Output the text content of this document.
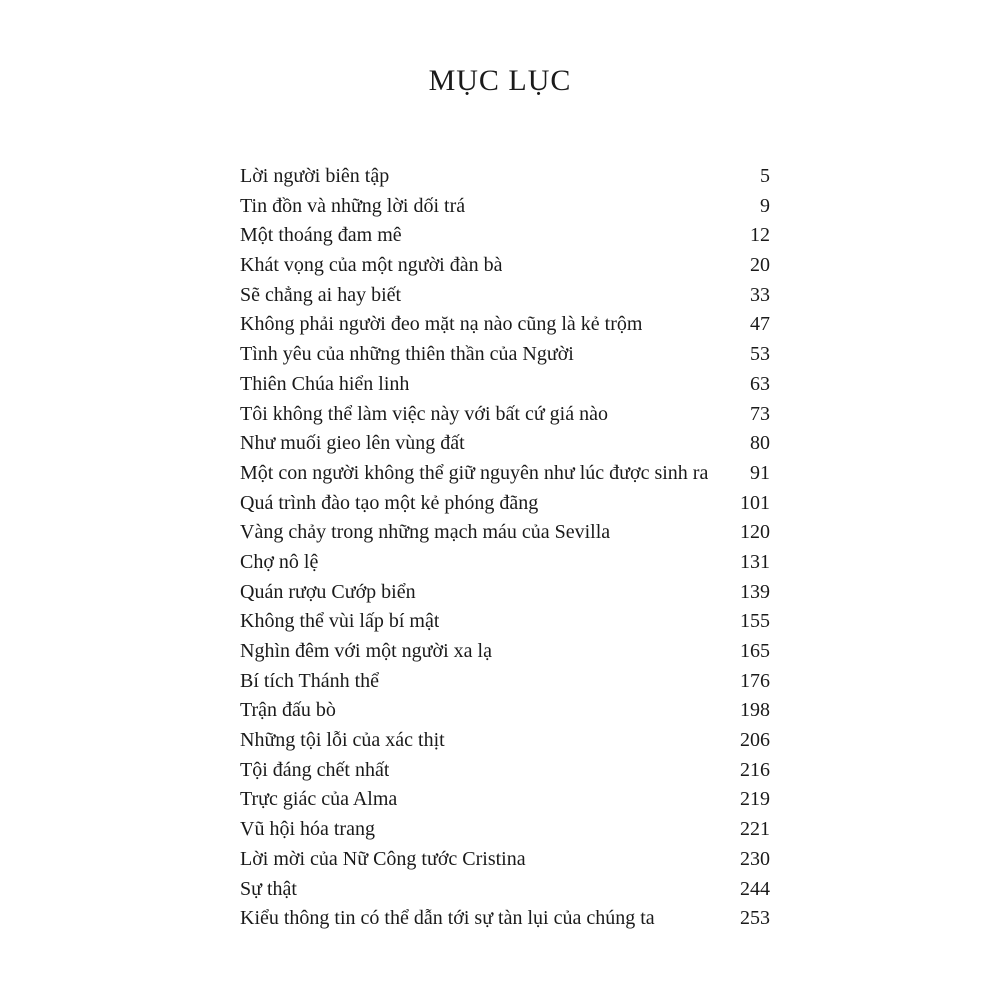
MỤC LỤC
Lời người biên tập	5
Tin đồn và những lời dối trá	9
Một thoáng đam mê	12
Khát vọng của một người đàn bà	20
Sẽ chẳng ai hay biết	33
Không phải người đeo mặt nạ nào cũng là kẻ trộm	47
Tình yêu của những thiên thần của Người	53
Thiên Chúa hiển linh	63
Tôi không thể làm việc này với bất cứ giá nào	73
Như muối gieo lên vùng đất	80
Một con người không thể giữ nguyên như lúc được sinh ra	91
Quá trình đào tạo một kẻ phóng đãng	101
Vàng chảy trong những mạch máu của Sevilla	120
Chợ nô lệ	131
Quán rượu Cướp biển	139
Không thể vùi lấp bí mật	155
Nghìn đêm với một người xa lạ	165
Bí tích Thánh thể	176
Trận đấu bò	198
Những tội lỗi của xác thịt	206
Tội đáng chết nhất	216
Trực giác của Alma	219
Vũ hội hóa trang	221
Lời mời của Nữ Công tước Cristina	230
Sự thật	244
Kiểu thông tin có thể dẫn tới sự tàn lụi của chúng ta	253
